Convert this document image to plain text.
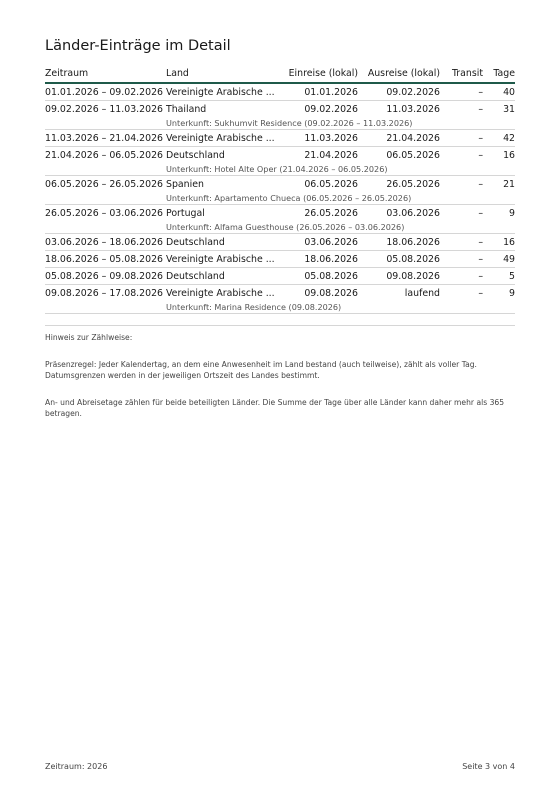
Länder-Einträge im Detail
Zeitraum	Land	Einreise (lokal) Ausreise (lokal) Transit Tage
01.01.2026 – 09.02.2026 Vereinigte Arabische ...	01.01.2026	09.02.2026	– 40
09.02.2026 – 11.03.2026 Thailand	09.02.2026	11.03.2026	– 31
Unterkunft: Sukhumvit Residence (09.02.2026 – 11.03.2026)
11.03.2026 – 21.04.2026 Vereinigte Arabische ...	11.03.2026	21.04.2026	– 42
21.04.2026 – 06.05.2026 Deutschland	21.04.2026	06.05.2026	– 16
Unterkunft: Hotel Alte Oper (21.04.2026 – 06.05.2026)
06.05.2026 – 26.05.2026 Spanien	06.05.2026	26.05.2026	– 21
Unterkunft: Apartamento Chueca (06.05.2026 – 26.05.2026)
26.05.2026 – 03.06.2026 Portugal	26.05.2026	03.06.2026	–	9
Unterkunft: Alfama Guesthouse (26.05.2026 – 03.06.2026)
03.06.2026 – 18.06.2026 Deutschland	03.06.2026	18.06.2026	– 16
18.06.2026 – 05.08.2026 Vereinigte Arabische ...	18.06.2026	05.08.2026	– 49
05.08.2026 – 09.08.2026 Deutschland	05.08.2026	09.08.2026	–	5
09.08.2026 – 17.08.2026 Vereinigte Arabische ...	09.08.2026	laufend	–	9
Unterkunft: Marina Residence (09.08.2026)

Hinweis zur Zählweise:

Präsenzregel: Jeder Kalendertag, an dem eine Anwesenheit im Land bestand (auch teilweise), zählt als voller Tag. Datumsgrenzen werden in der jeweiligen Ortszeit des Landes bestimmt.

An- und Abreisetage zählen für beide beteiligten Länder. Die Summe der Tage über alle Länder kann daher mehr als 365 betragen.

Zeitraum: 2026	Seite 3 von 4
